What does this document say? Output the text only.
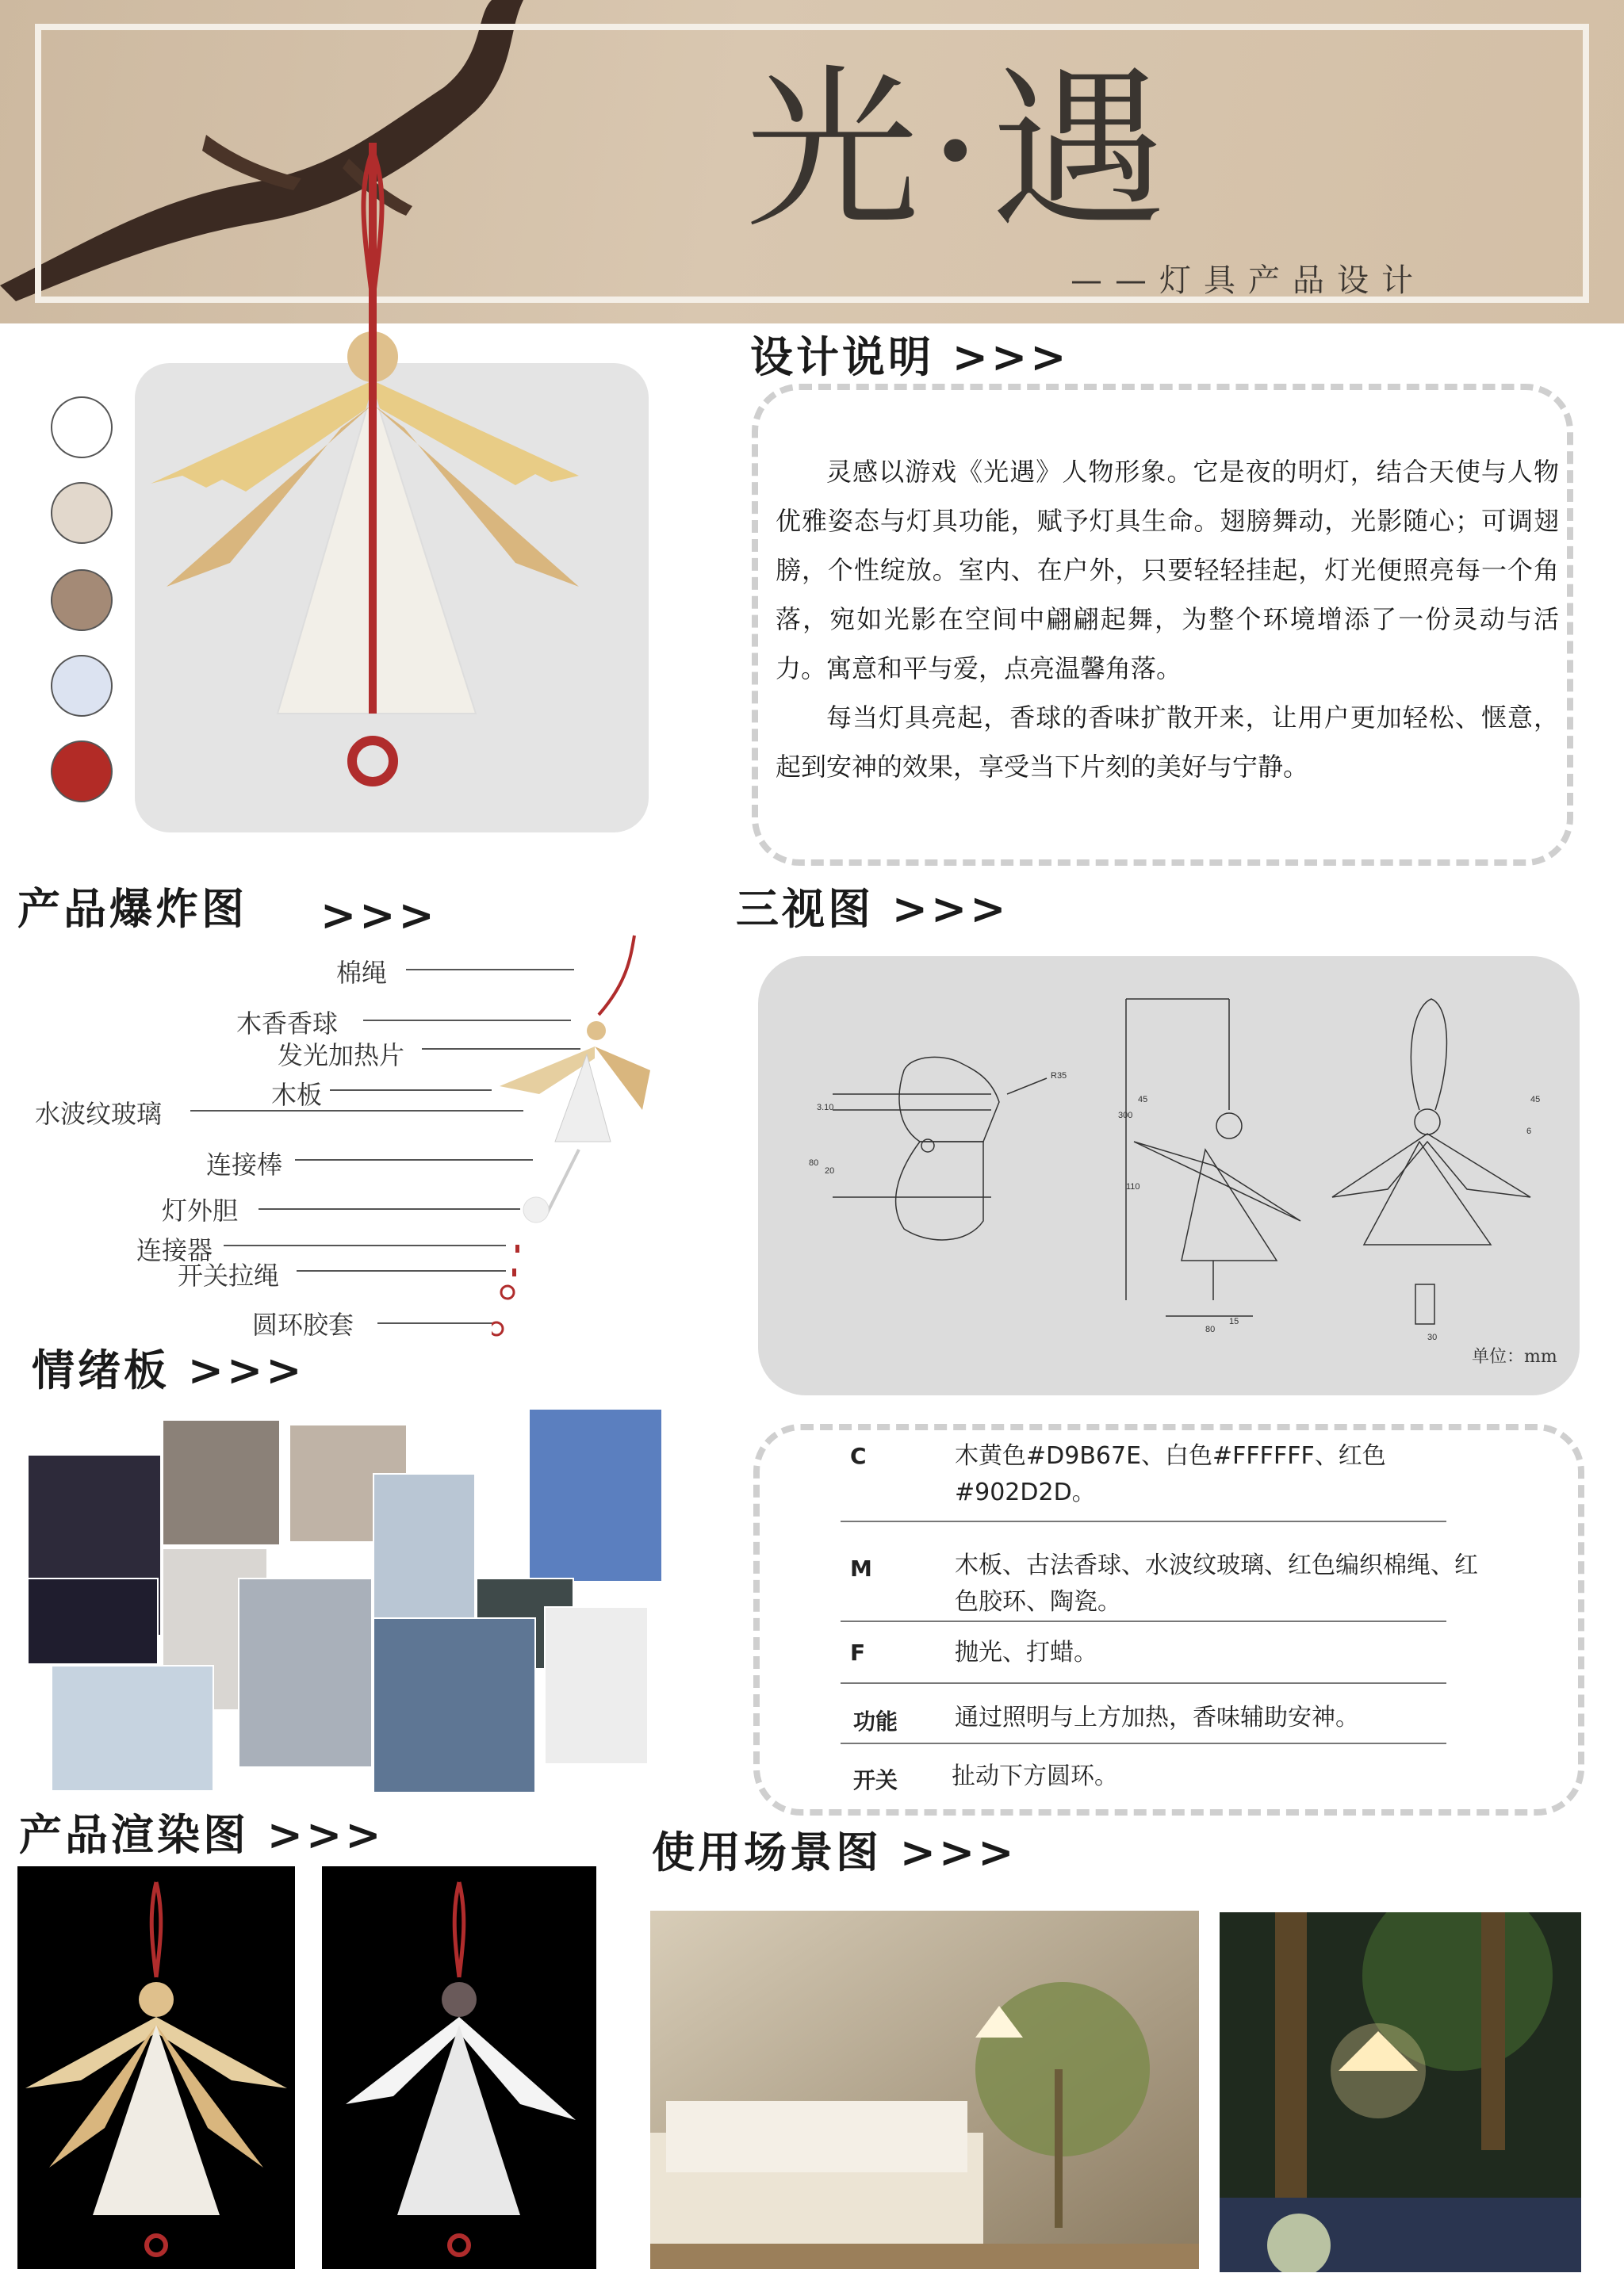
光·遇
——灯具产品设计
设计说明 >>>

灵感以游戏《光遇》人物形象。它是夜的明灯，结合天使与人物优雅姿态与灯具功能，赋予灯具生命。翅膀舞动，光影随心；可调翅膀，个性绽放。室内、在户外，只要轻轻挂起，灯光便照亮每一个角落，宛如光影在空间中翩翩起舞，为整个环境增添了一份灵动与活力。寓意和平与爱，点亮温馨角落。

每当灯具亮起，香球的香味扩散开来，让用户更加轻松、惬意，起到安神的效果，享受当下片刻的美好与宁静。

产品爆炸图 >>>
棉绳
木香香球
发光加热片
木板
水波纹玻璃
连接棒
灯外胆
连接器
开关拉绳
圆环胶套
三视图 >>>
R35
3.10
80
20
300
45
110
15
80
45
6
30
单位：mm
情绪板 >>>
C	木黄色#D9B67E、白色#FFFFFF、红色#902D2D。
M	木板、古法香球、水波纹玻璃、红色编织棉绳、红色胶环、陶瓷。
F	抛光、打蜡。
功能 通过照明与上方加热，香味辅助安神。
开关 扯动下方圆环。
产品渲染图 >>>	使用场景图 >>>
